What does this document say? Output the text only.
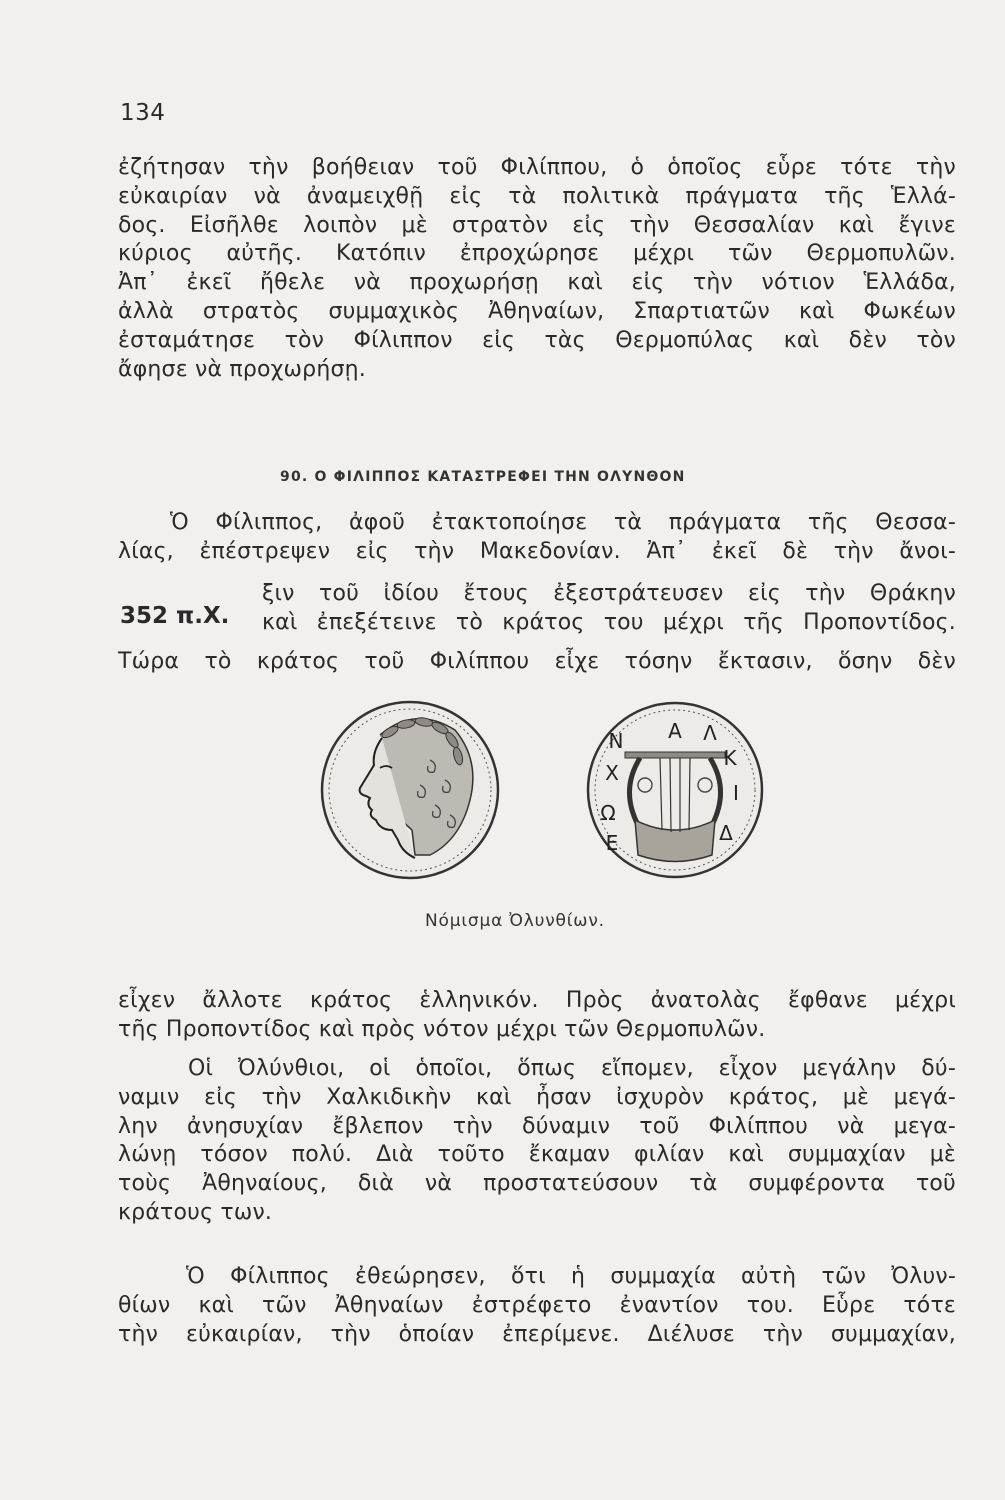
134
ἐζήτησαν τὴν βοήθειαν τοῦ Φιλίππου, ὁ ὁποῖος εὗρε τότε τὴν
εὐκαιρίαν νὰ ἀναμειχθῇ εἰς τὰ πολιτικὰ πράγματα τῆς Ἑλλά-
δος. Εἰσῆλθε λοιπὸν μὲ στρατὸν εἰς τὴν Θεσσαλίαν καὶ ἔγινε
κύριος αὐτῆς. Κατόπιν ἐπροχώρησε μέχρι τῶν Θερμοπυλῶν.
Ἀπ᾽ ἐκεῖ ἤθελε νὰ προχωρήσῃ καὶ εἰς τὴν νότιον Ἑλλάδα,
ἀλλὰ στρατὸς συμμαχικὸς Ἀθηναίων, Σπαρτιατῶν καὶ Φωκέων
ἐσταμάτησε τὸν Φίλιππον εἰς τὰς Θερμοπύλας καὶ δὲν τὸν
ἄφησε νὰ προχωρήσῃ.
90. Ο ΦΙΛΙΠΠΟΣ ΚΑΤΑΣΤΡΕΦΕΙ ΤΗΝ ΟΛΥΝΘΟΝ
Ὁ Φίλιππος, ἀφοῦ ἐτακτοποίησε τὰ πράγματα τῆς Θεσσα-
λίας, ἐπέστρεψεν εἰς τὴν Μακεδονίαν. Ἀπ᾽ ἐκεῖ δὲ τὴν ἄνοι-
352 π.Χ.
ξιν τοῦ ἰδίου ἔτους ἐξεστράτευσεν εἰς τὴν Θράκην
καὶ ἐπεξέτεινε τὸ κράτος του μέχρι τῆς Προποντίδος.
Τώρα τὸ κράτος τοῦ Φιλίππου εἶχε τόσην ἔκτασιν, ὅσην δὲν
Χ
Α Λ
Κ
Ι
Δ
Ε
Ω
Ν
Νόμισμα Ὀλυνθίων.
εἶχεν ἄλλοτε κράτος ἑλληνικόν. Πρὸς ἀνατολὰς ἔφθανε μέχρι
τῆς Προποντίδος καὶ πρὸς νότον μέχρι τῶν Θερμοπυλῶν.
Οἱ Ὀλύνθιοι, οἱ ὁποῖοι, ὅπως εἴπομεν, εἶχον μεγάλην δύ-
ναμιν εἰς τὴν Χαλκιδικὴν καὶ ἦσαν ἰσχυρὸν κράτος, μὲ μεγά-
λην ἀνησυχίαν ἔβλεπον τὴν δύναμιν τοῦ Φιλίππου νὰ μεγα-
λώνῃ τόσον πολύ. Διὰ τοῦτο ἔκαμαν φιλίαν καὶ συμμαχίαν μὲ
τοὺς Ἀθηναίους, διὰ νὰ προστατεύσουν τὰ συμφέροντα τοῦ
κράτους των.
Ὁ Φίλιππος ἐθεώρησεν, ὅτι ἡ συμμαχία αὐτὴ τῶν Ὀλυν-
θίων καὶ τῶν Ἀθηναίων ἐστρέφετο ἐναντίον του. Εὗρε τότε
τὴν εὐκαιρίαν, τὴν ὁποίαν ἐπερίμενε. Διέλυσε τὴν συμμαχίαν,
